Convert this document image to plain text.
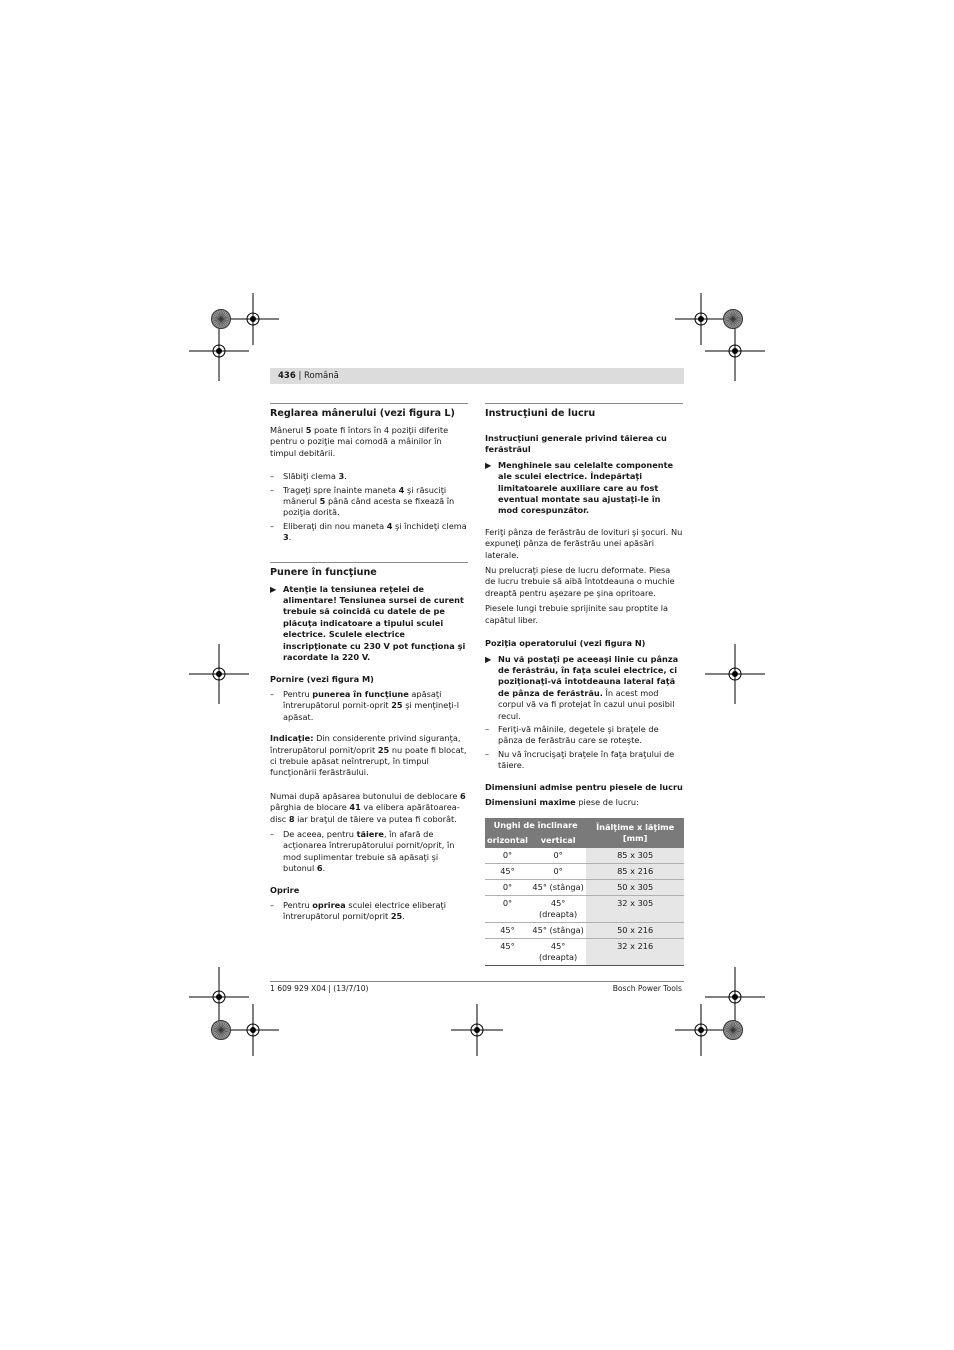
436 | Română
Reglarea mânerului (vezi figura L)

Mânerul 5 poate fi întors în 4 poziţii diferite pentru o poziţie mai comodă a mâinilor în timpul debitării.

– Slăbiţi clema 3.
– Trageţi spre înainte maneta 4 şi răsuciţi mânerul 5 până când acesta se fixează în poziţia dorită.
– Eliberaţi din nou maneta 4 şi închideţi clema 3.
Punere în funcţiune
▶ Atenţie la tensiunea reţelei de alimentare! Tensiunea sursei de curent trebuie să coincidă cu datele de pe plăcuţa indicatoare a tipului sculei electrice. Sculele electrice inscripţionate cu 230 V pot funcţiona şi racordate la 220 V.
Pornire (vezi figura M)
– Pentru punerea în funcţiune apăsaţi întrerupătorul pornit-oprit 25 şi menţineţi-l apăsat.

Indicaţie: Din considerente privind siguranţa, întrerupătorul pornit/oprit 25 nu poate fi blocat, ci trebuie apăsat neîntrerupt, în timpul funcţionării ferăstrăului.

Numai după apăsarea butonului de deblocare 6 pârghia de blocare 41 va elibera apărătoarea-disc 8 iar braţul de tăiere va putea fi coborât.

– De aceea, pentru tăiere, în afară de acţionarea întrerupătorului pornit/oprit, în mod suplimentar trebuie să apăsaţi şi butonul 6.
Oprire
– Pentru oprirea sculei electrice eliberaţi întrerupătorul pornit/oprit 25.
Instrucţiuni de lucru
Instrucţiuni generale privind tăierea cu ferăstrăul
▶ Menghinele sau celelalte componente ale sculei electrice. Îndepărtaţi limitatoarele auxiliare care au fost eventual montate sau ajustaţi-le în mod corespunzător.

Feriţi pânza de ferăstrău de lovituri şi şocuri. Nu expuneţi pânza de ferăstrău unei apăsări laterale.

Nu prelucraţi piese de lucru deformate. Piesa de lucru trebuie să aibă întotdeauna o muchie dreaptă pentru aşezare pe şina opritoare.

Piesele lungi trebuie sprijinite sau proptite la capătul liber.

Poziţia operatorului (vezi figura N)
▶ Nu vă postaţi pe aceeaşi linie cu pânza de ferăstrău, în faţa sculei electrice, ci poziţionaţi-vă întotdeauna lateral faţă de pânza de ferăstrău. În acest mod corpul vă va fi protejat în cazul unui posibil recul.
– Feriţi-vă mâinile, degetele şi braţele de pânza de ferăstrău care se roteşte.
– Nu vă încrucişaţi braţele în faţa braţului de tăiere.
Dimensiuni admise pentru piesele de lucru

Dimensiuni maxime piese de lucru:

Unghi de înclinare		Înălţime x lăţime [mm]
orizontal	vertical	
0°	0°	85 x 305
45°	0°	85 x 216
0°	45° (stânga)	50 x 305
0°	45° (dreapta)	32 x 305
45°	45° (stânga)	50 x 216
45°	45° (dreapta)	32 x 216
1 609 929 X04 | (13/7/10)	Bosch Power Tools
